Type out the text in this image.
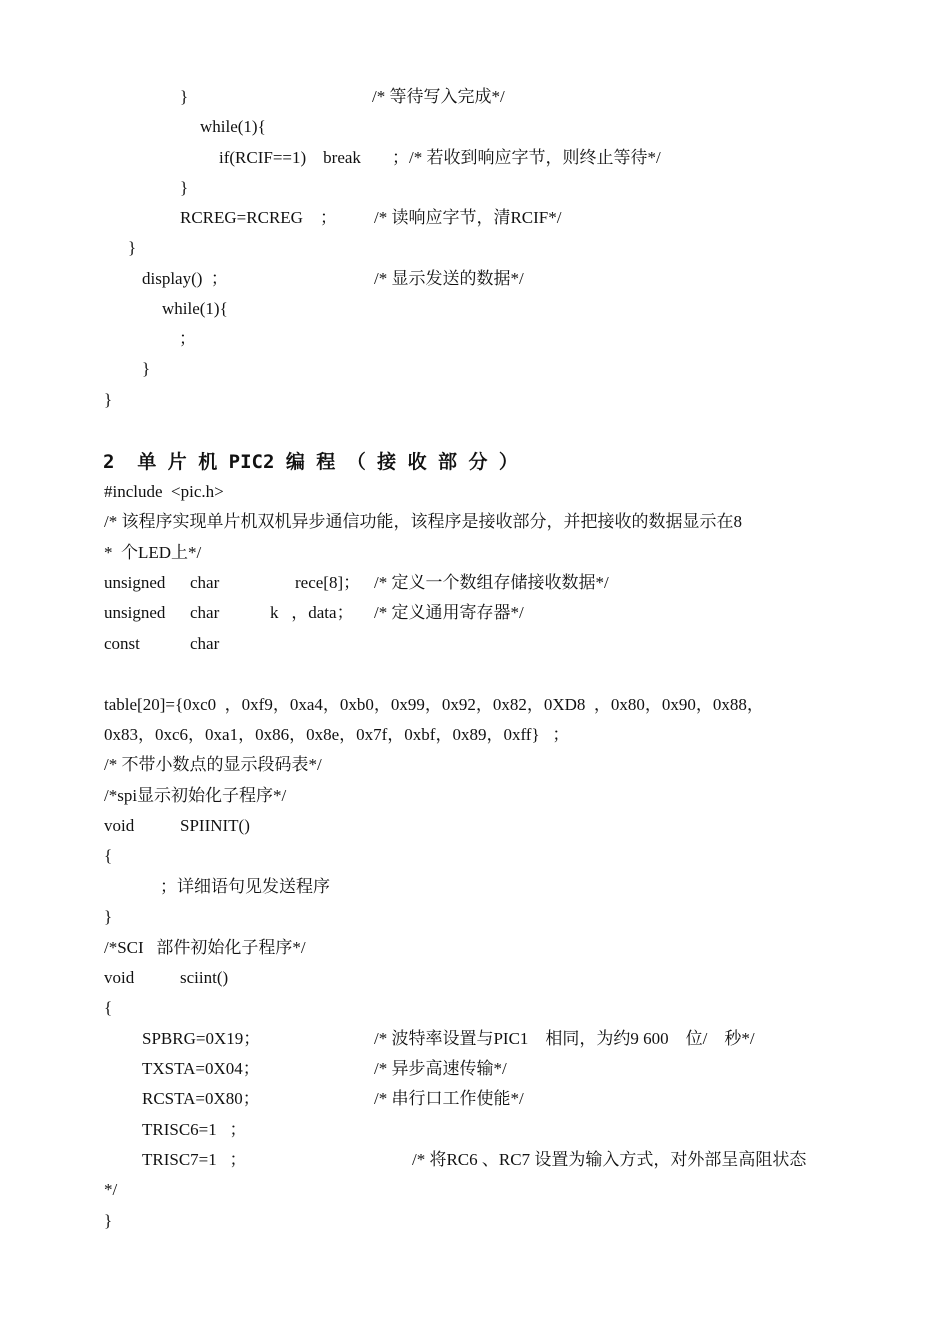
}

	/* 等待写入完成*/

while(1){

if(RCIF==1)    break

；/* 若收到响应字节，则终止等待*/

}

RCREG=RCREG    ；

/* 读响应字节，清RCIF*/

}

display()  ；

	/* 显示发送的数据*/

while(1){
；
}
}
2  单 片 机 PIC2 编 程 （ 接 收 部 分 ）
#include  <pic.h>
/* 该程序实现单片机双机异步通信功能，该程序是接收部分，并把接收的数据显示在8
*  个LED上*/

unsigned

char

	rece[8]；

/* 定义一个数组存储接收数据*/

unsigned

char

	k   ，data；

/* 定义通用寄存器*/

const

	char

table[20]={0xc0  ，0xf9，0xa4，0xb0，0x99，0x92，0x82，0XD8  ，0x80，0x90，0x88，
0x83，0xc6，0xa1，0x86，0x8e，0x7f，0xbf，0x89，0xff}   ；
/* 不带小数点的显示段码表*/
/*spi显示初始化子程序*/

void

	SPIINIT()

{
；详细语句见发送程序
}
/*SCI   部件初始化子程序*/

void

	sciint()

{

SPBRG=0X19；

	/* 波特率设置与PIC1    相同，为约9 600    位/    秒*/

TXSTA=0X04；

	/* 异步高速传输*/

RCSTA=0X80；

	/* 串行口工作使能*/

TRISC6=1   ；

TRISC7=1   ；

	/* 将RC6 、RC7 设置为输入方式，对外部呈高阻状态

*/
}
